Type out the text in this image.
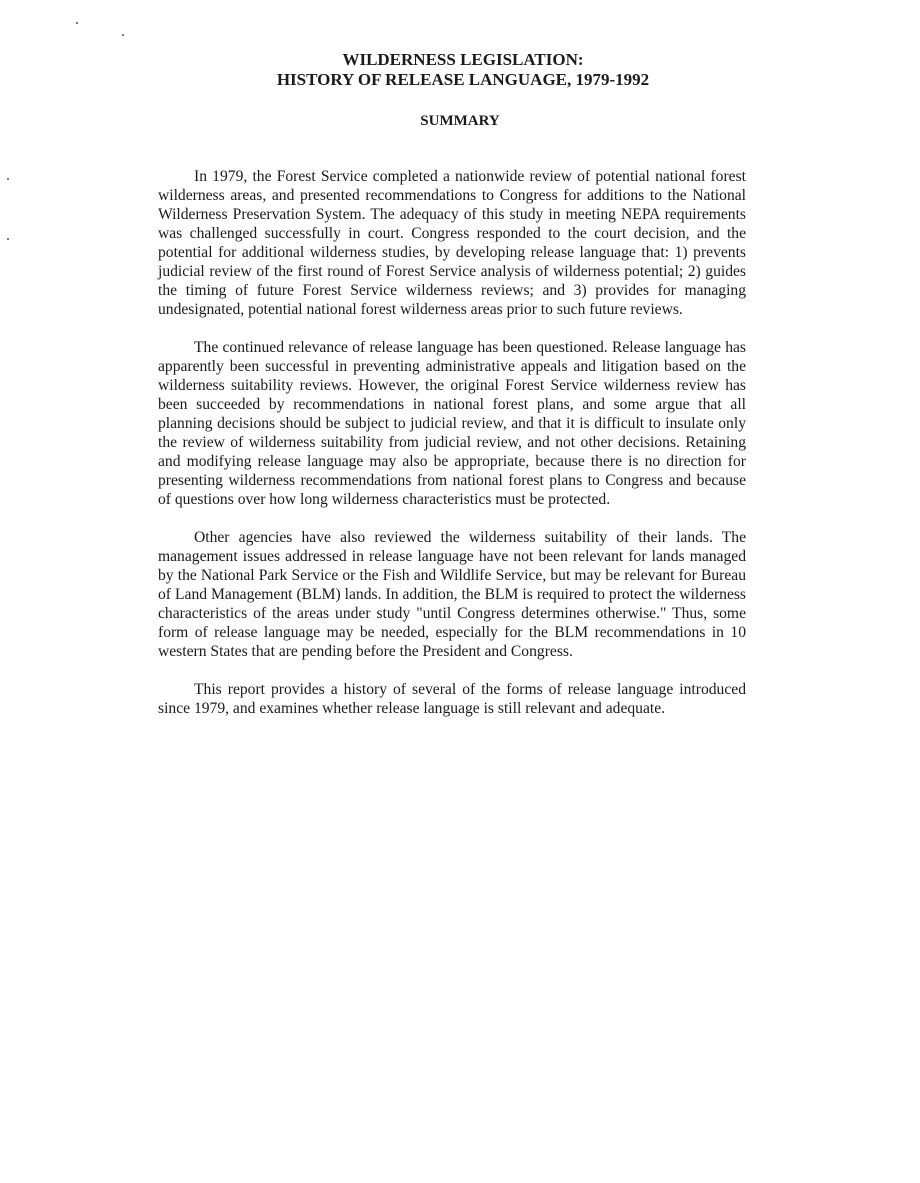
WILDERNESS LEGISLATION:
HISTORY OF RELEASE LANGUAGE, 1979-1992
SUMMARY

In 1979, the Forest Service completed a nationwide review of potential national forest wilderness areas, and presented recommendations to Congress for additions to the National Wilderness Preservation System. The adequacy of this study in meeting NEPA requirements was challenged successfully in court. Congress responded to the court decision, and the potential for additional wilderness studies, by developing release language that: 1) prevents judicial review of the first round of Forest Service analysis of wilderness potential; 2) guides the timing of future Forest Service wilderness reviews; and 3) provides for managing undesignated, potential national forest wilderness areas prior to such future reviews.

The continued relevance of release language has been questioned. Release language has apparently been successful in preventing administrative appeals and litigation based on the wilderness suitability reviews. However, the original Forest Service wilderness review has been succeeded by recommendations in national forest plans, and some argue that all planning decisions should be subject to judicial review, and that it is difficult to insulate only the review of wilderness suitability from judicial review, and not other decisions. Retaining and modifying release language may also be appropriate, because there is no direction for presenting wilderness recommendations from national forest plans to Congress and because of questions over how long wilderness characteristics must be protected.

Other agencies have also reviewed the wilderness suitability of their lands. The management issues addressed in release language have not been relevant for lands managed by the National Park Service or the Fish and Wildlife Service, but may be relevant for Bureau of Land Management (BLM) lands. In addition, the BLM is required to protect the wilderness characteristics of the areas under study "until Congress determines otherwise." Thus, some form of release language may be needed, especially for the BLM recommendations in 10 western States that are pending before the President and Congress.

This report provides a history of several of the forms of release language introduced since 1979, and examines whether release language is still relevant and adequate.
